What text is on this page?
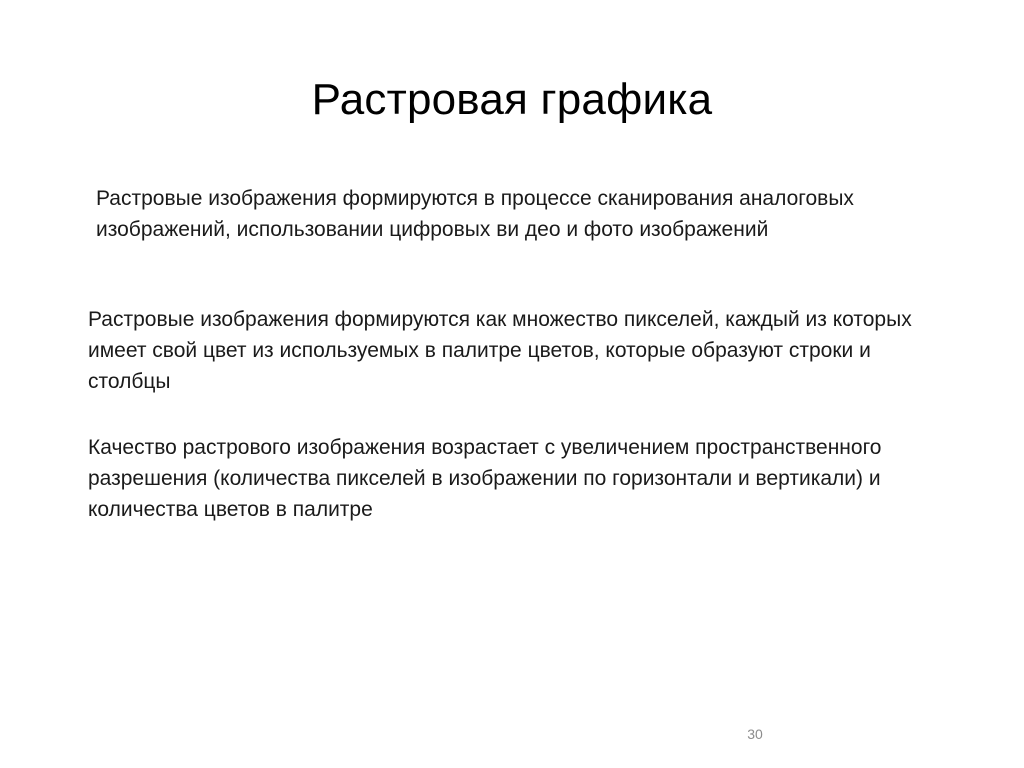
Растровая графика

Растровые изображения формируются в процессе сканирования аналоговых изображений, использовании цифровых ви део и фото изображений

Растровые изображения формируются как множество пикселей, каждый из которых имеет свой цвет из используемых в палитре цветов, которые образуют строки и столбцы

Качество растрового изображения возрастает с увеличением пространственного разрешения (количества пикселей в изображении по горизонтали и вертикали) и количества цветов в палитре

30
